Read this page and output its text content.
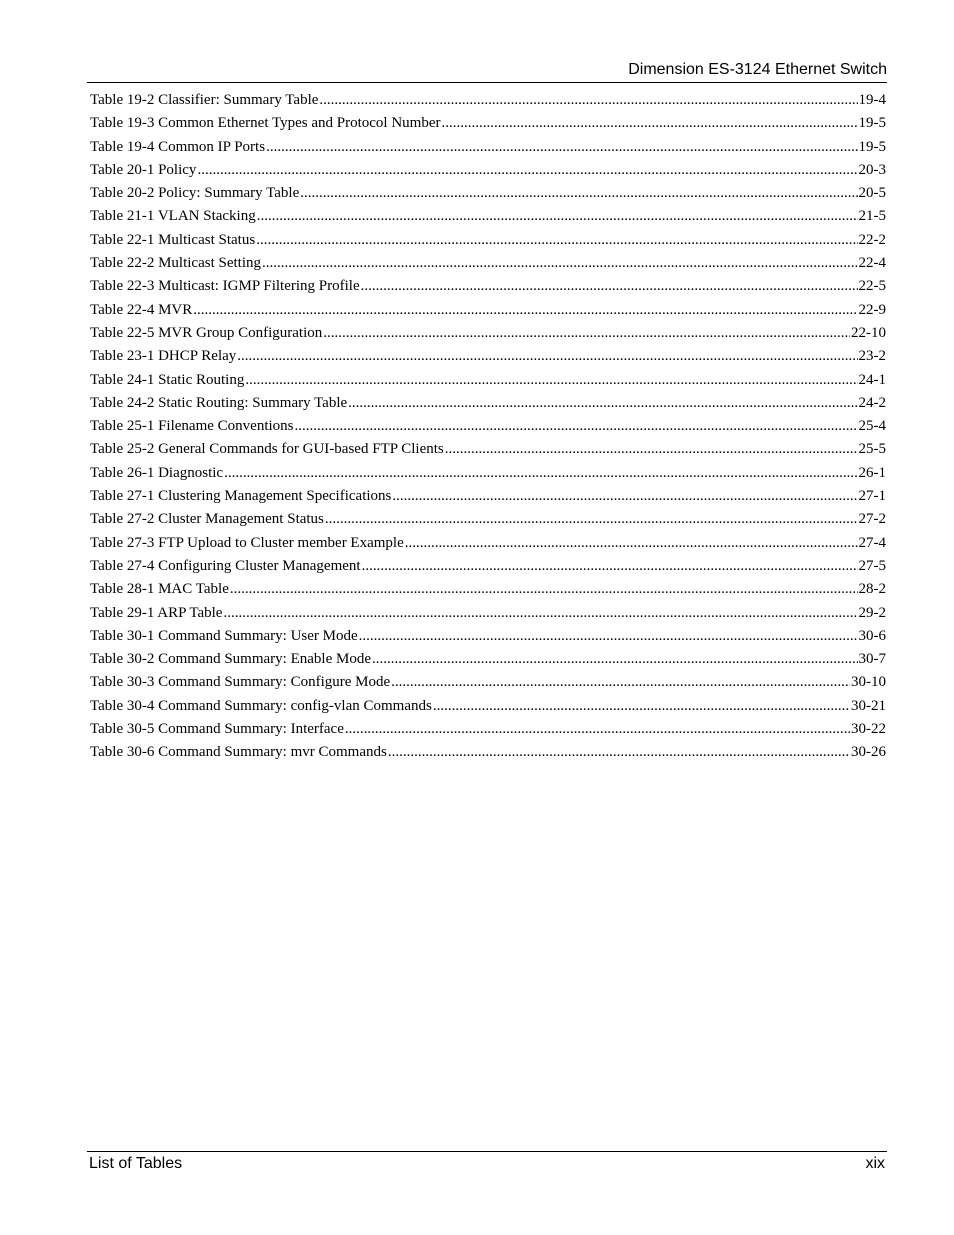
Dimension ES-3124 Ethernet Switch
Table 19-2 Classifier: Summary Table .....	19-4
Table 19-3 Common Ethernet Types and Protocol Number .....	19-5
Table 19-4 Common IP Ports .....	19-5
Table 20-1 Policy .....	20-3
Table 20-2 Policy: Summary Table .....	20-5
Table 21-1 VLAN Stacking .....	21-5
Table 22-1 Multicast Status .....	22-2
Table 22-2 Multicast Setting .....	22-4
Table 22-3 Multicast: IGMP Filtering Profile .....	22-5
Table 22-4 MVR .....	22-9
Table 22-5 MVR Group Configuration .....	22-10
Table 23-1 DHCP Relay .....	23-2
Table 24-1 Static Routing .....	24-1
Table 24-2 Static Routing: Summary Table .....	24-2
Table 25-1 Filename Conventions .....	25-4
Table 25-2 General Commands for GUI-based FTP Clients .....	25-5
Table 26-1 Diagnostic .....	26-1
Table 27-1 Clustering Management Specifications .....	27-1
Table 27-2 Cluster Management Status .....	27-2
Table 27-3 FTP Upload to Cluster member Example .....	27-4
Table 27-4 Configuring Cluster Management .....	27-5
Table 28-1 MAC Table .....	28-2
Table 29-1 ARP Table .....	29-2
Table 30-1 Command Summary: User Mode .....	30-6
Table 30-2 Command Summary: Enable Mode .....	30-7
Table 30-3 Command Summary: Configure Mode .....	30-10
Table 30-4 Command Summary: config-vlan Commands .....	30-21
Table 30-5 Command Summary: Interface .....	30-22
Table 30-6 Command Summary: mvr Commands .....	30-26
List of Tables	xix
